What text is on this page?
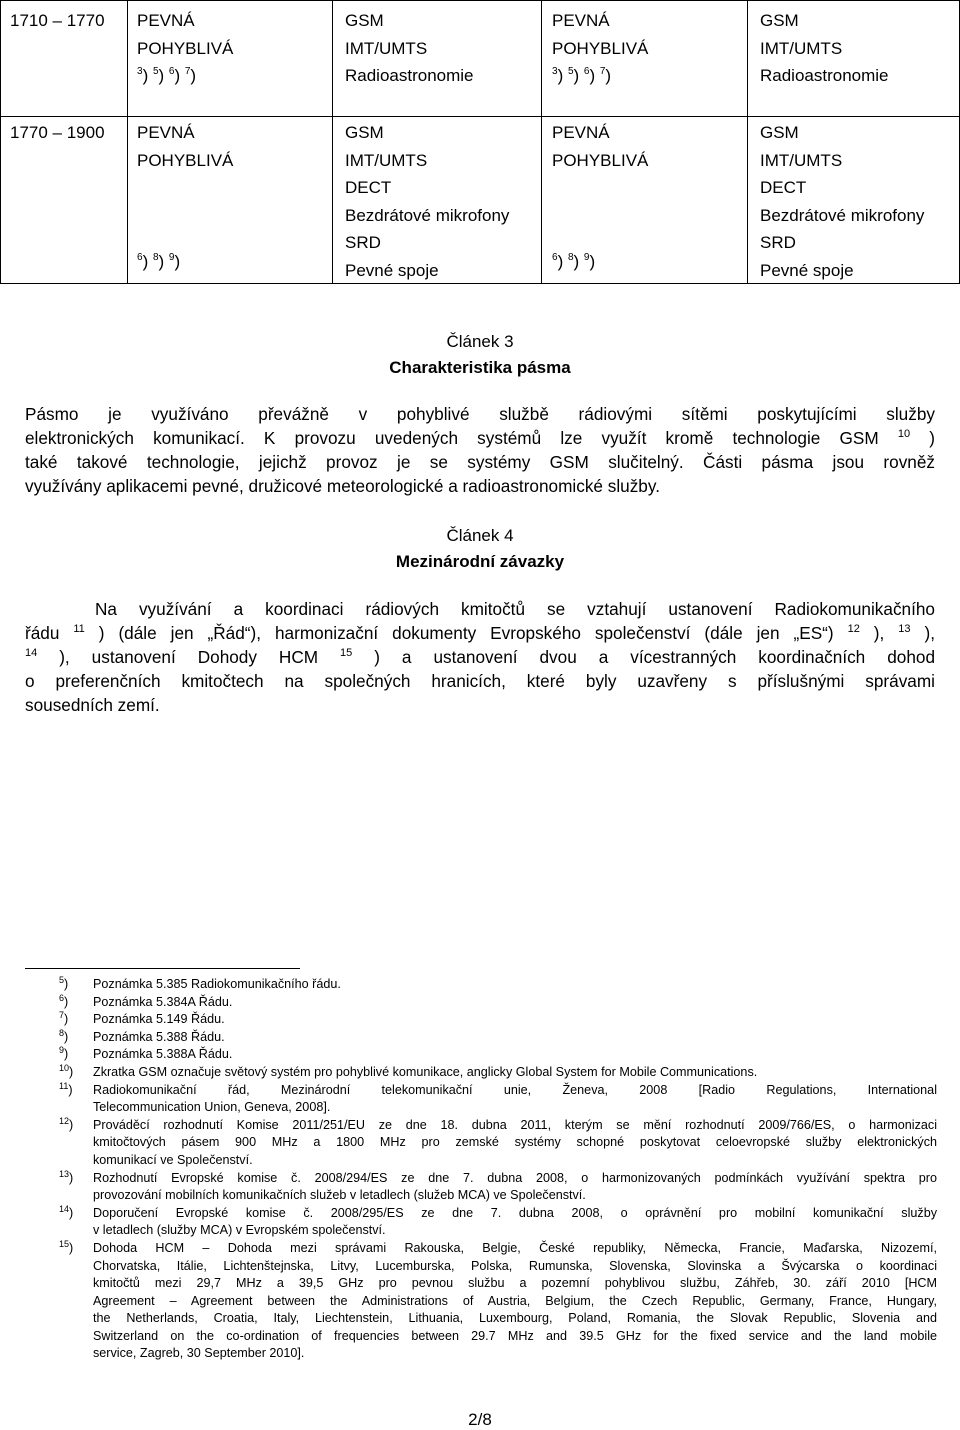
1710 – 1770 PEVNÁ
POHYBLIVÁ
$^3$) $^5$) $^6$) $^7$)
GSM
IMT/UMTS
Radioastronomie
PEVNÁ
POHYBLIVÁ
$^3$) $^5$) $^6$) $^7$)
GSM
IMT/UMTS
Radioastronomie
1770 – 1900 PEVNÁ
POHYBLIVÁ
$^6$) $^8$) $^9$)
GSM
IMT/UMTS
DECT
Bezdrátové mikrofony
SRD
Pevné spoje
PEVNÁ
POHYBLIVÁ
$^6$) $^8$) $^9$)
GSM
IMT/UMTS
DECT
Bezdrátové mikrofony
SRD
Pevné spoje
Článek 3
Charakteristika pásma
Pásmo je využíváno převážně v pohyblivé službě rádiovými sítěmi poskytujícími služby
elektronických komunikací. K provozu uvedených systémů lze využít kromě technologie GSM $^{10}$ )
také takové technologie, jejichž provoz je se systémy GSM slučitelný. Části pásma jsou rovněž
využívány aplikacemi pevné, družicové meteorologické a radioastronomické služby.
Článek 4
Mezinárodní závazky
Na využívání a koordinaci rádiových kmitočtů se vztahují ustanovení Radiokomunikačního
řádu $^{11}$ ) (dále jen „Řád“), harmonizační dokumenty Evropského společenství (dále jen „ES“) $^{12}$ ), $^{13}$ ),
$^{14}$ ), ustanovení Dohody HCM $^{15}$ ) a ustanovení dvou a vícestranných koordinačních dohod
o preferenčních kmitočtech na společných hranicích, které byly uzavřeny s příslušnými správami
sousedních zemí.
$^5$) Poznámka 5.385 Radiokomunikačního řádu.
$^6$) Poznámka 5.384A Řádu.
$^7$) Poznámka 5.149 Řádu.
$^8$) Poznámka 5.388 Řádu.
$^9$) Poznámka 5.388A Řádu.
$^{10}$) Zkratka GSM označuje světový systém pro pohyblivé komunikace, anglicky Global System for Mobile Communications.
$^{11}$) Radiokomunikační řád, Mezinárodní telekomunikační unie, Ženeva, 2008 [Radio Regulations, International
Telecommunication Union, Geneva, 2008].
$^{12}$) Prováděcí rozhodnutí Komise 2011/251/EU ze dne 18. dubna 2011, kterým se mění rozhodnutí 2009/766/ES, o harmonizaci
kmitočtových pásem 900 MHz a 1800 MHz pro zemské systémy schopné poskytovat celoevropské služby elektronických
komunikací ve Společenství.
$^{13}$) Rozhodnutí Evropské komise č. 2008/294/ES ze dne 7. dubna 2008, o harmonizovaných podmínkách využívání spektra pro
provozování mobilních komunikačních služeb v letadlech (služeb MCA) ve Společenství.
$^{14}$) Doporučení Evropské komise č. 2008/295/ES ze dne 7. dubna 2008, o oprávnění pro mobilní komunikační služby
v letadlech (služby MCA) v Evropském společenství.
$^{15}$) Dohoda HCM – Dohoda mezi správami Rakouska, Belgie, České republiky, Německa, Francie, Maďarska, Nizozemí,
Chorvatska, Itálie, Lichtenštejnska, Litvy, Lucemburska, Polska, Rumunska, Slovenska, Slovinska a Švýcarska o koordinaci
kmitočtů mezi 29,7 MHz a 39,5 GHz pro pevnou službu a pozemní pohyblivou službu, Záhřeb, 30. září 2010 [HCM
Agreement – Agreement between the Administrations of Austria, Belgium, the Czech Republic, Germany, France, Hungary,
the Netherlands, Croatia, Italy, Liechtenstein, Lithuania, Luxembourg, Poland, Romania, the Slovak Republic, Slovenia and
Switzerland on the co-ordination of frequencies between 29.7 MHz and 39.5 GHz for the fixed service and the land mobile
service, Zagreb, 30 September 2010].
2/8
